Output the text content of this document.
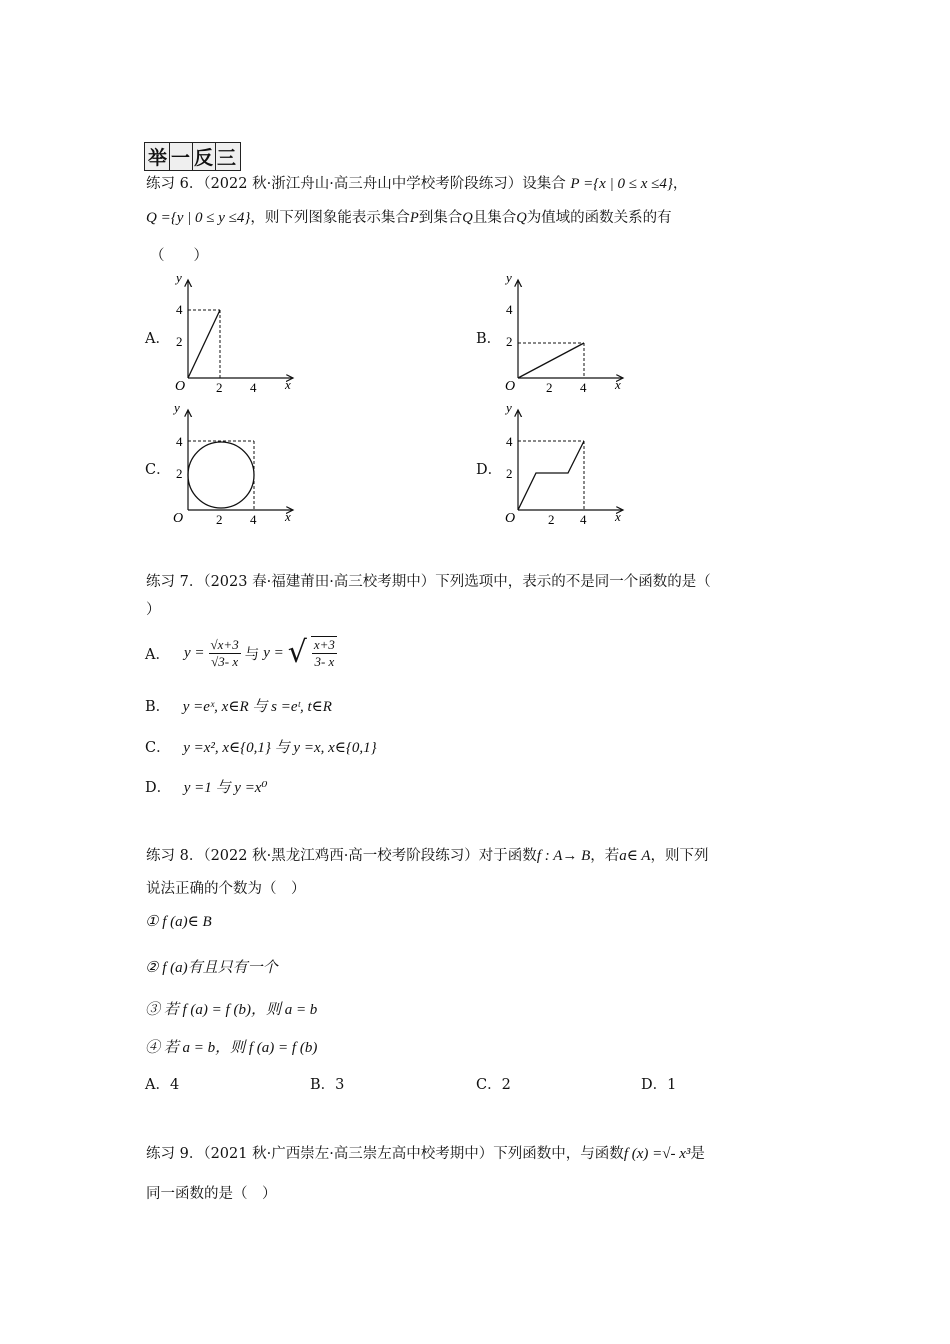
举 一 反 三
练习 6．（2022 秋·浙江舟山·高三舟山中学校考阶段练习）设集合 P ={x | 0 ≤ x ≤4}，
Q ={y | 0 ≤ y ≤4}，则下列图象能表示集合P到集合Q且集合Q为值域的函数关系的有
（　　）
A．	B．
C．	D．
y
x
O
4
2
2 4
y
x
O
4
2
2 4
y
x
O
4
2
2 4
y
x
O
4
2
2 4
练习 7．（2023 春·福建莆田·高三校考期中）下列选项中，表示的不是同一个函数的是（
）
A． $y = \frac{√x+3}{√3- x}$ 与 y = √ $\frac{x+3}{3- x}$
B． y =eˣ, x∈R 与 s =eᵗ, t∈R
C． y =x², x∈{0,1} 与 y =x, x∈{0,1}
D． y =1 与 y =x⁰
练习 8．（2022 秋·黑龙江鸡西·高一校考阶段练习）对于函数f : A→ B，若a∈ A，则下列
说法正确的个数为（　）
① f (a)∈ B
② f (a)有且只有一个
③ 若 f (a) = f (b)，则 a = b
④ 若 a = b，则 f (a) = f (b)
A．4	B．3	C．2	D．1
练习 9．（2021 秋·广西崇左·高三崇左高中校考期中）下列函数中，与函数f (x) =√- x³是
同一函数的是（　）
